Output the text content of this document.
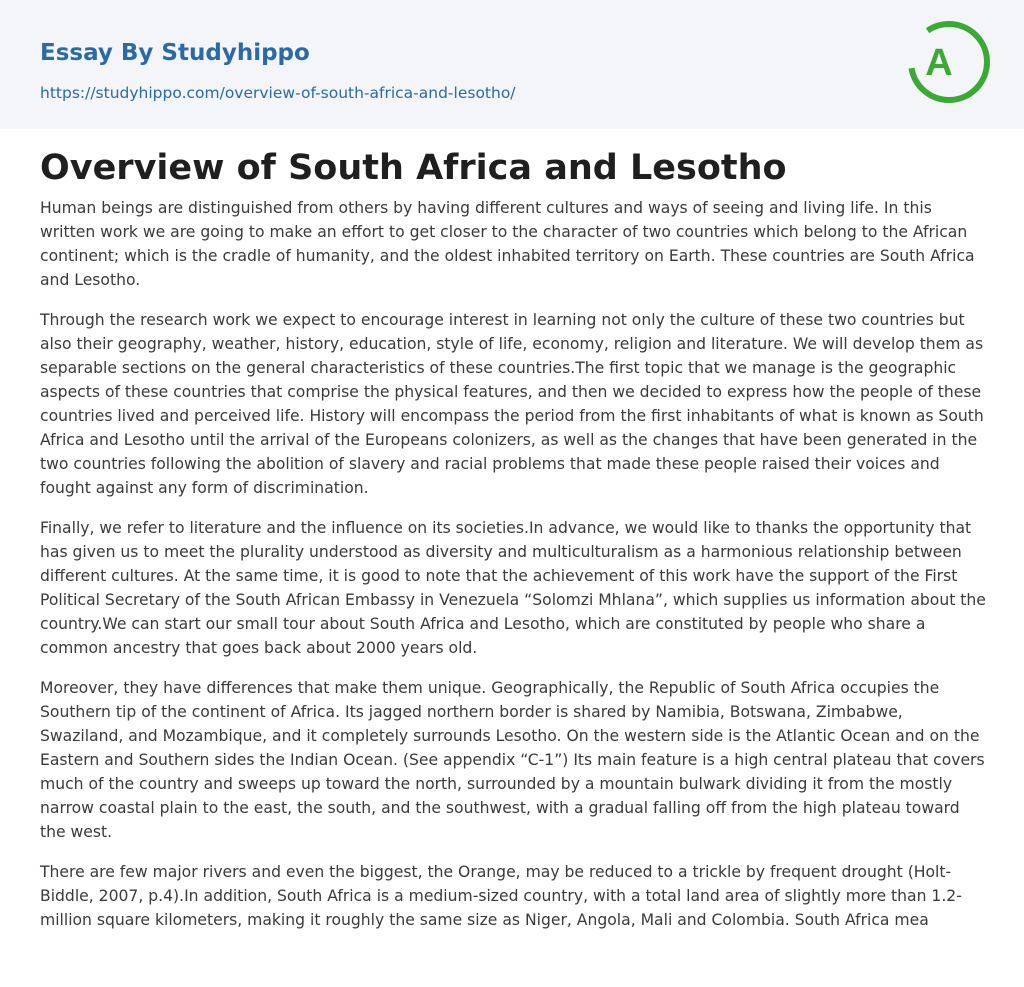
Essay By Studyhippo
https://studyhippo.com/overview-of-south-africa-and-lesotho/
A
Overview of South Africa and Lesotho

Human beings are distinguished from others by having different cultures and ways of seeing and living life. In this written work we are going to make an effort to get closer to the character of two countries which belong to the African continent; which is the cradle of humanity, and the oldest inhabited territory on Earth. These countries are South Africa and Lesotho.

Through the research work we expect to encourage interest in learning not only the culture of these two countries but also their geography, weather, history, education, style of life, economy, religion and literature. We will develop them as separable sections on the general characteristics of these countries.The first topic that we manage is the geographic aspects of these countries that comprise the physical features, and then we decided to express how the people of these countries lived and perceived life. History will encompass the period from the first inhabitants of what is known as South Africa and Lesotho until the arrival of the Europeans colonizers, as well as the changes that have been generated in the two countries following the abolition of slavery and racial problems that made these people raised their voices and fought against any form of discrimination.

Finally, we refer to literature and the influence on its societies.In advance, we would like to thanks the opportunity that has given us to meet the plurality understood as diversity and multiculturalism as a harmonious relationship between different cultures. At the same time, it is good to note that the achievement of this work have the support of the First Political Secretary of the South African Embassy in Venezuela “Solomzi Mhlana”, which supplies us information about the country.We can start our small tour about South Africa and Lesotho, which are constituted by people who share a common ancestry that goes back about 2000 years old.

Moreover, they have differences that make them unique. Geographically, the Republic of South Africa occupies the Southern tip of the continent of Africa. Its jagged northern border is shared by Namibia, Botswana, Zimbabwe, Swaziland, and Mozambique, and it completely surrounds Lesotho. On the western side is the Atlantic Ocean and on the Eastern and Southern sides the Indian Ocean. (See appendix “C-1”) Its main feature is a high central plateau that covers much of the country and sweeps up toward the north, surrounded by a mountain bulwark dividing it from the mostly narrow coastal plain to the east, the south, and the southwest, with a gradual falling off from the high plateau toward the west.

There are few major rivers and even the biggest, the Orange, may be reduced to a trickle by frequent drought (Holt-Biddle, 2007, p.4).In addition, South Africa is a medium-sized country, with a total land area of slightly more than 1.2-million square kilometers, making it roughly the same size as Niger, Angola, Mali and Colombia. South Africa mea
